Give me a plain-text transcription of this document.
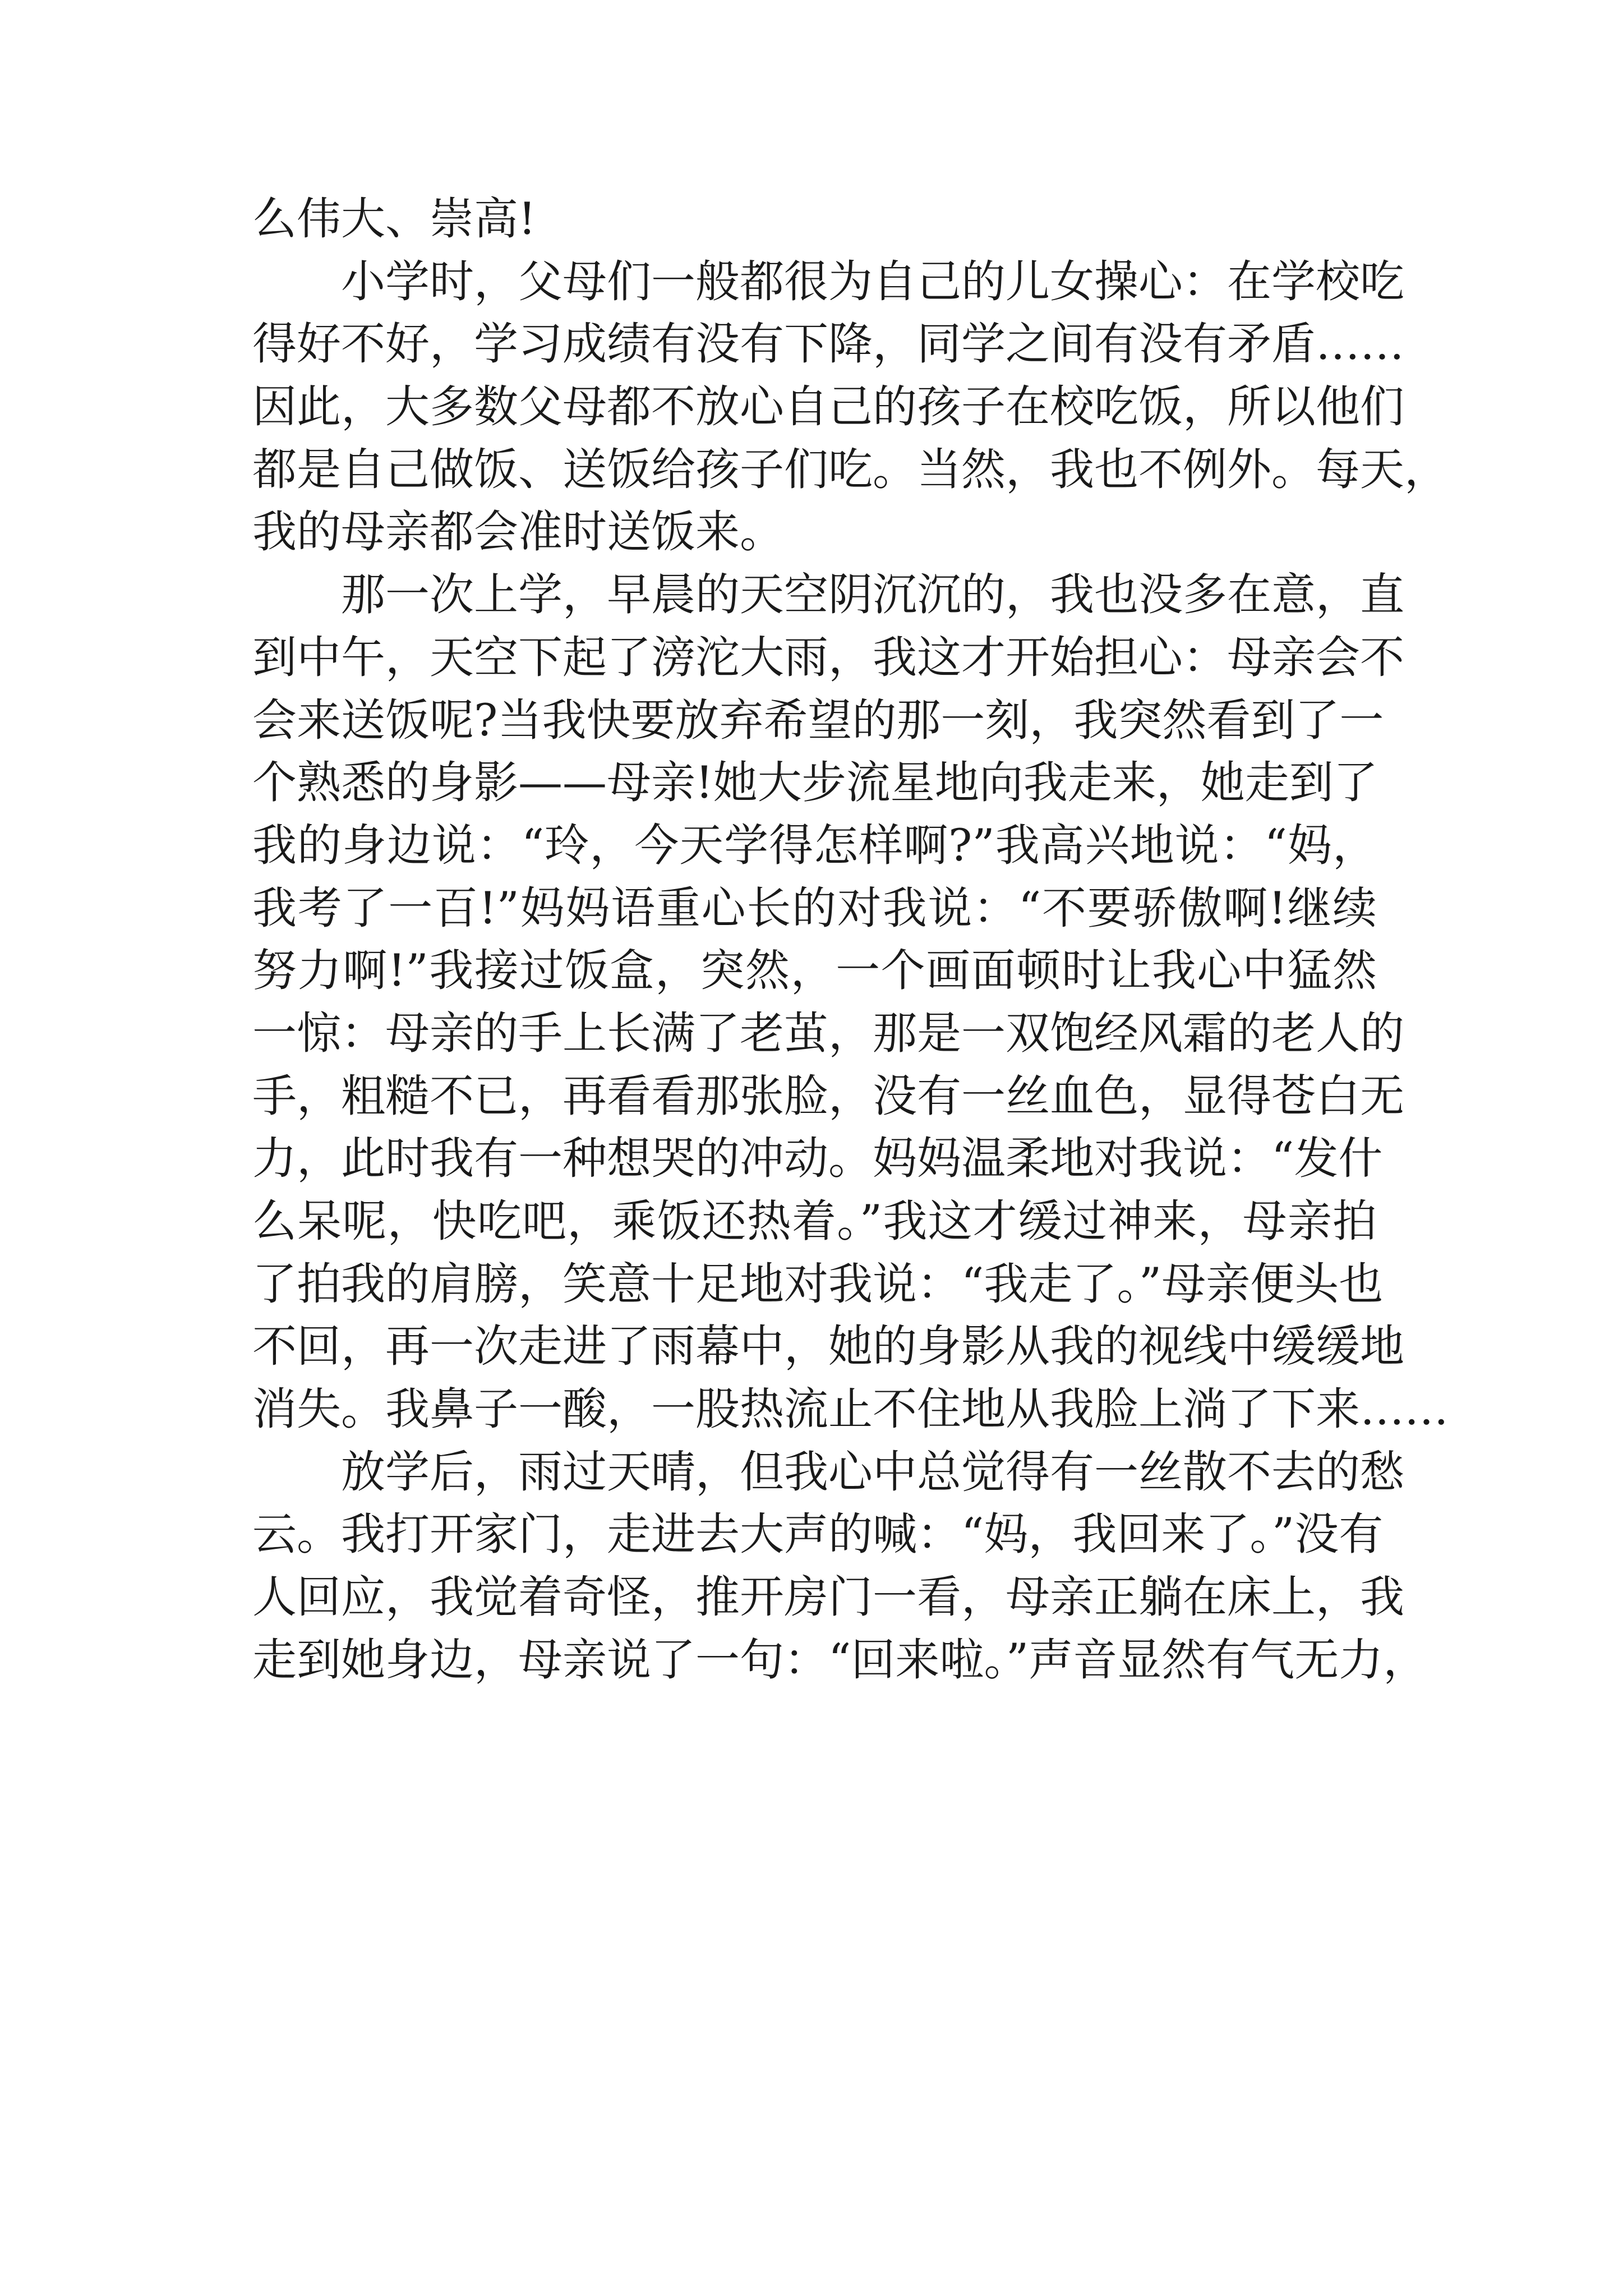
么伟大、崇高!
小学时，父母们一般都很为自己的儿女操心：在学校吃
得好不好，学习成绩有没有下降，同学之间有没有矛盾……
因此，大多数父母都不放心自己的孩子在校吃饭，所以他们
都是自己做饭、送饭给孩子们吃。当然，我也不例外。每天，
我的母亲都会准时送饭来。
那一次上学，早晨的天空阴沉沉的，我也没多在意，直
到中午，天空下起了滂沱大雨，我这才开始担心：母亲会不
会来送饭呢?当我快要放弃希望的那一刻，我突然看到了一
个熟悉的身影——母亲!她大步流星地向我走来，她走到了
我的身边说：“玲，今天学得怎样啊?”我高兴地说：“妈，
我考了一百!”妈妈语重心长的对我说：“不要骄傲啊!继续
努力啊!”我接过饭盒，突然，一个画面顿时让我心中猛然
一惊：母亲的手上长满了老茧，那是一双饱经风霜的老人的
手，粗糙不已，再看看那张脸，没有一丝血色，显得苍白无
力，此时我有一种想哭的冲动。妈妈温柔地对我说：“发什
么呆呢，快吃吧，乘饭还热着。”我这才缓过神来，母亲拍
了拍我的肩膀，笑意十足地对我说：“我走了。”母亲便头也
不回，再一次走进了雨幕中，她的身影从我的视线中缓缓地
消失。我鼻子一酸，一股热流止不住地从我脸上淌了下来……
放学后，雨过天晴，但我心中总觉得有一丝散不去的愁
云。我打开家门，走进去大声的喊：“妈，我回来了。”没有
人回应，我觉着奇怪，推开房门一看，母亲正躺在床上，我
走到她身边，母亲说了一句：“回来啦。”声音显然有气无力，
